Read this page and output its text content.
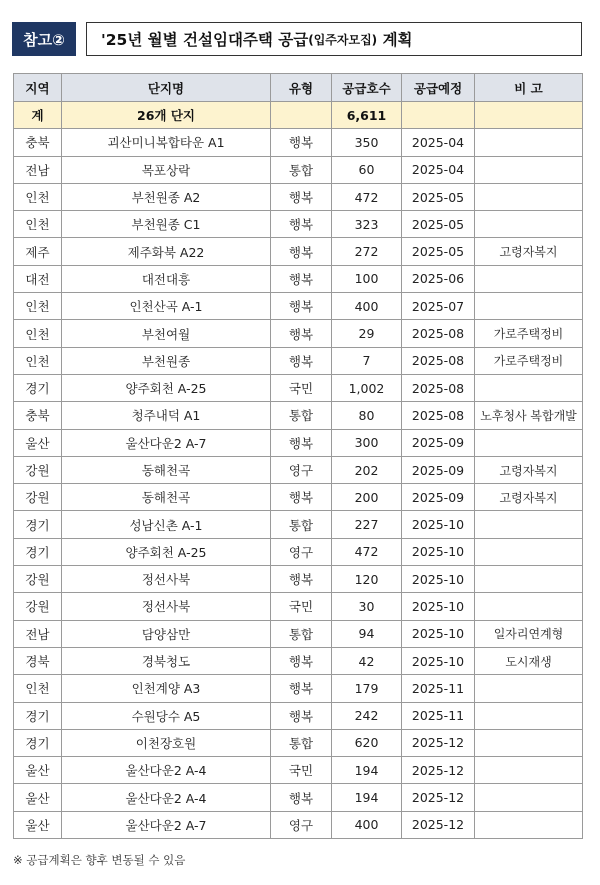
참고②	'25년 월별 건설임대주택 공급 (입주자모집)
계획
지역	단지명	유형	공급호수	공급예정	비 고
계	26개 단지		6,611		
충북	괴산미니복합타운 A1	행복	350	2025-04	
전남	목포상락	통합	60	2025-04	
인천	부천원종 A2	행복	472	2025-05	
인천	부천원종 C1	행복	323	2025-05	
제주	제주화북 A22	행복	272	2025-05	고령자복지
대전	대전대흥	행복	100	2025-06	
인천	인천산곡 A-1	행복	400	2025-07	
인천	부천여월	행복	29	2025-08	가로주택정비
인천	부천원종	행복	7	2025-08	가로주택정비
경기	양주회천 A-25	국민	1,002	2025-08	
충북	청주내덕 A1	통합	80	2025-08	노후청사 복합개발
울산	울산다운2 A-7	행복	300	2025-09	
강원	동해천곡	영구	202	2025-09	고령자복지
강원	동해천곡	행복	200	2025-09	고령자복지
경기	성남신촌 A-1	통합	227	2025-10	
경기	양주회천 A-25	영구	472	2025-10	
강원	정선사북	행복	120	2025-10	
강원	정선사북	국민	30	2025-10	
전남	담양삼만	통합	94	2025-10	일자리연계형
경북	경북청도	행복	42	2025-10	도시재생
인천	인천계양 A3	행복	179	2025-11	
경기	수원당수 A5	행복	242	2025-11	
경기	이천장호원	통합	620	2025-12	
울산	울산다운2 A-4	국민	194	2025-12	
울산	울산다운2 A-4	행복	194	2025-12	
울산	울산다운2 A-7	영구	400	2025-12	
※ 공급계획은 향후 변동될 수 있음
